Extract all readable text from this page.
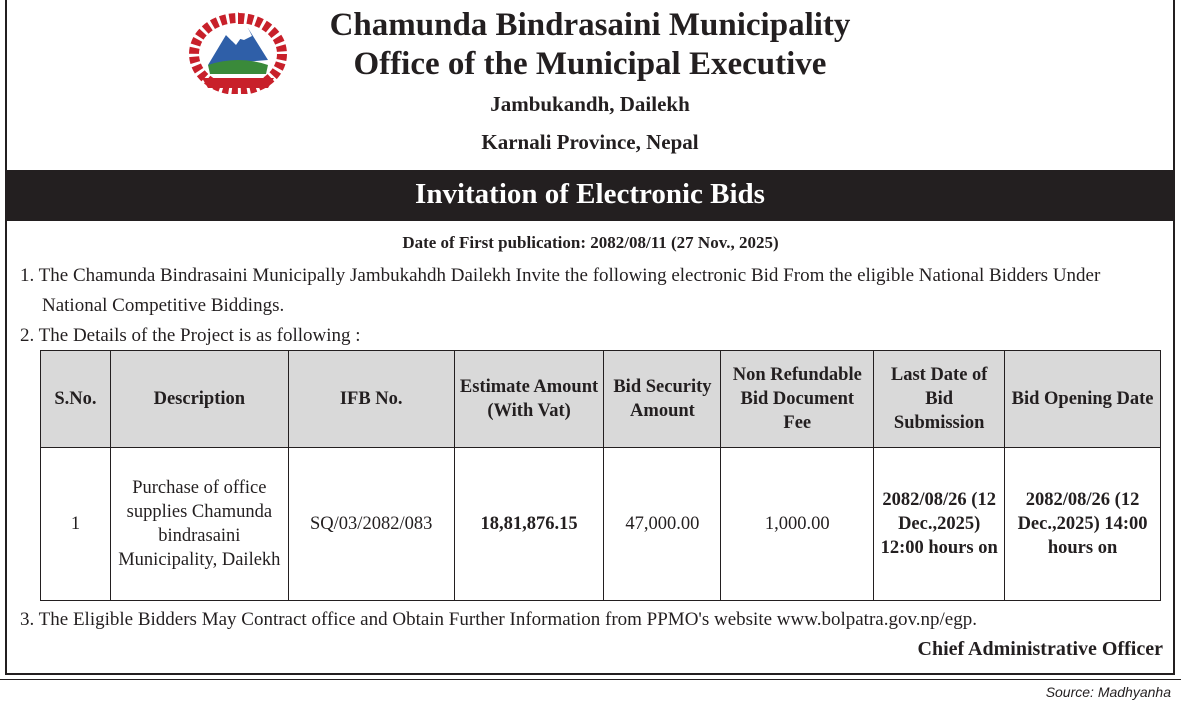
Chamunda Bindrasaini Municipality
Office of the Municipal Executive
Jambukandh, Dailekh
Karnali Province, Nepal
Invitation of Electronic Bids
Date of First publication: 2082/08/11 (27 Nov., 2025)
1. The Chamunda Bindrasaini Municipally Jambukahdh Dailekh Invite the following electronic Bid From the eligible National Bidders Under
National Competitive Biddings.
2. The Details of the Project is as following :
S.No.	Description	IFB No.	Estimate Amount (With Vat)	Bid Security Amount	Non Refundable Bid Document Fee	Last Date of Bid Submission	Bid Opening Date
1	Purchase of office supplies Chamunda bindrasaini Municipality, Dailekh	SQ/03/2082/083	18,81,876.15	47,000.00	1,000.00	2082/08/26 (12 Dec.,2025) 12:00 hours on	2082/08/26 (12 Dec.,2025) 14:00 hours on
3. The Eligible Bidders May Contract office and Obtain Further Information from PPMO's website www.bolpatra.gov.np/egp.
Chief Administrative Officer
Source: Madhyanha
